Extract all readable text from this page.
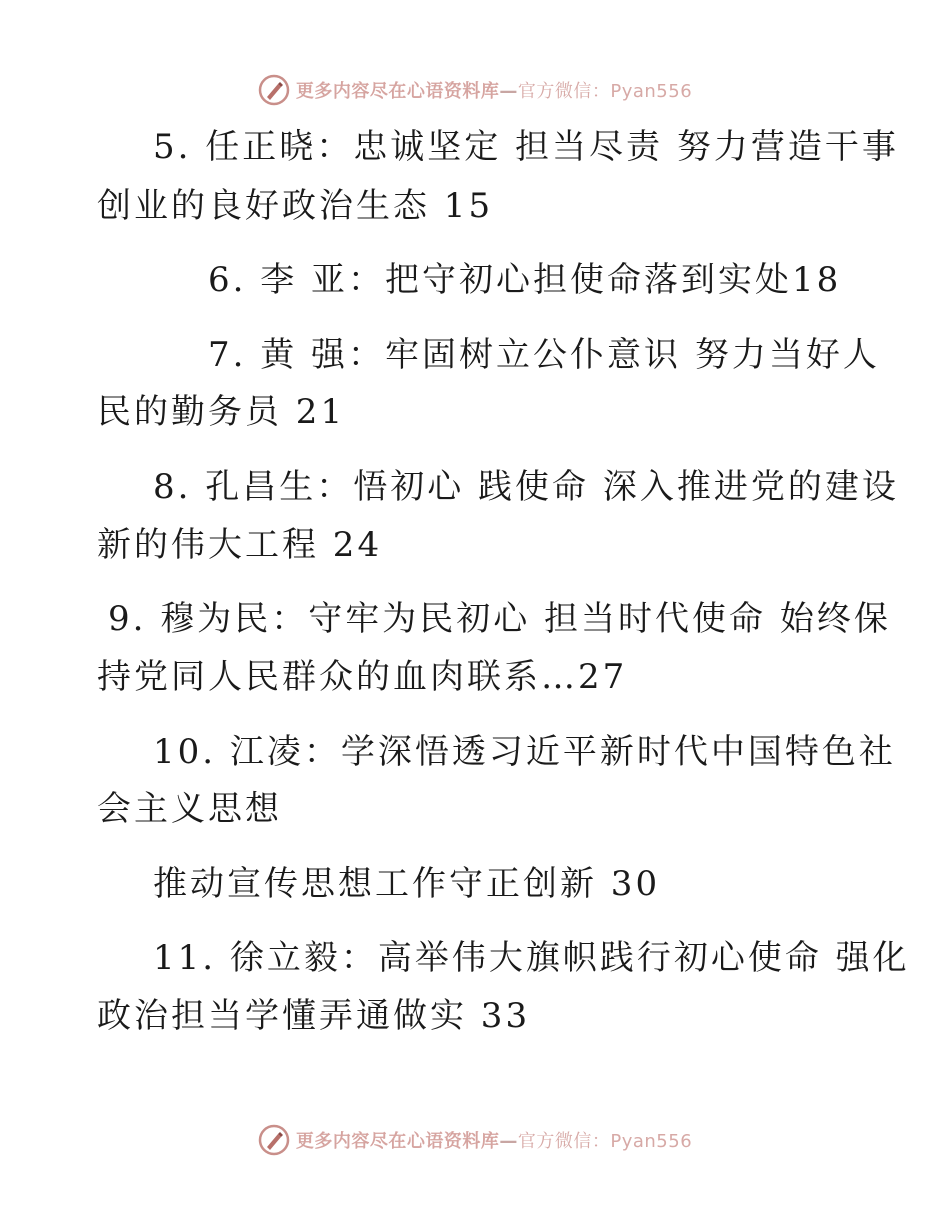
更多内容尽在心语资料库—官方微信：Pyan556
5. 任正晓：忠诚坚定 担当尽责 努力营造干事
创业的良好政治生态 15
6. 李 亚：把守初心担使命落到实处18
7. 黄 强：牢固树立公仆意识 努力当好人
民的勤务员 21
8. 孔昌生：悟初心 践使命 深入推进党的建设
新的伟大工程 24
9. 穆为民：守牢为民初心 担当时代使命 始终保
持党同人民群众的血肉联系…27
10. 江凌：学深悟透习近平新时代中国特色社
会主义思想
推动宣传思想工作守正创新 30
11. 徐立毅：高举伟大旗帜践行初心使命 强化
政治担当学懂弄通做实 33
更多内容尽在心语资料库—官方微信：Pyan556
